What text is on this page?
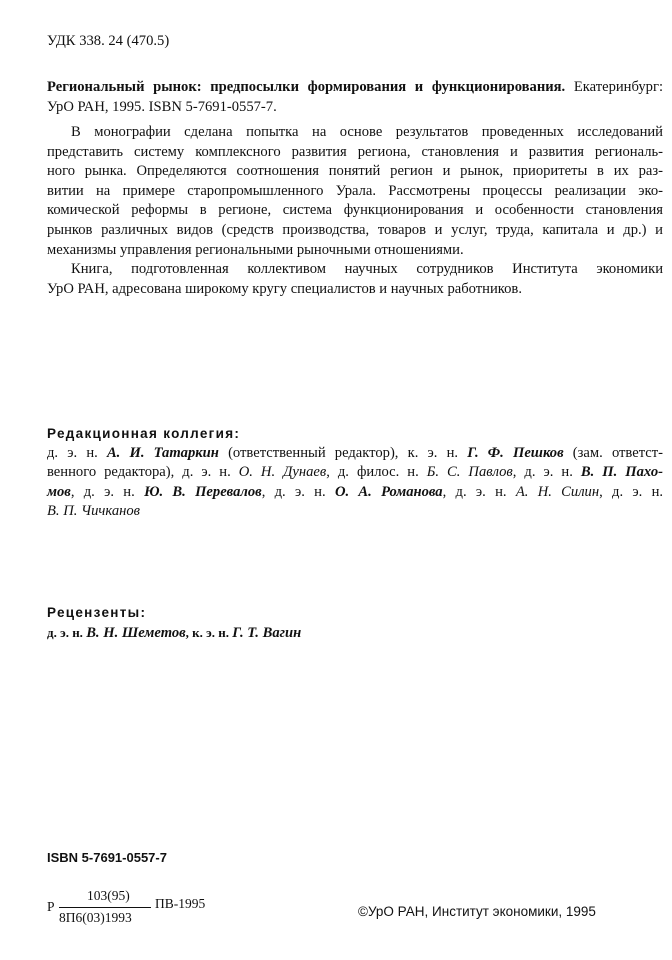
УДК 338. 24 (470.5)
Региональный рынок: предпосылки формирования и функционирования. Екатеринбург:
УрО РАН, 1995. ISBN 5-7691-0557-7.
В монографии сделана попытка на основе результатов проведенных исследований
представить систему комплексного развития региона, становления и развития региональ-
ного рынка. Определяются соотношения понятий регион и рынок, приоритеты в их раз-
витии на примере старопромышленного Урала. Рассмотрены процессы реализации эко-
комической реформы в регионе, система функционирования и особенности становления
рынков различных видов (средств производства, товаров и услуг, труда, капитала и др.) и
механизмы управления региональными рыночными отношениями.
Книга, подготовленная коллективом научных сотрудников Института экономики
УрО РАН, адресована широкому кругу специалистов и научных работников.
Редакционная коллегия:
д. э. н. А. И. Татаркин (ответственный редактор), к. э. н. Г. Ф. Пешков (зам. ответст-
венного редактора), д. э. н. О. Н. Дунаев, д. филос. н. Б. С. Павлов, д. э. н. В. П. Пахо-
мов, д. э. н. Ю. В. Перевалов, д. э. н. О. А. Романова, д. э. н. А. Н. Силин, д. э. н.
В. П. Чичканов
Рецензенты:
д. э. н. В. Н. Шеметов, к. э. н. Г. Т. Вагин
ISBN 5-7691-0557-7
Р
103(95)
8П6(03)1993
ПВ-1995
©УрО РАН, Институт экономики, 1995
